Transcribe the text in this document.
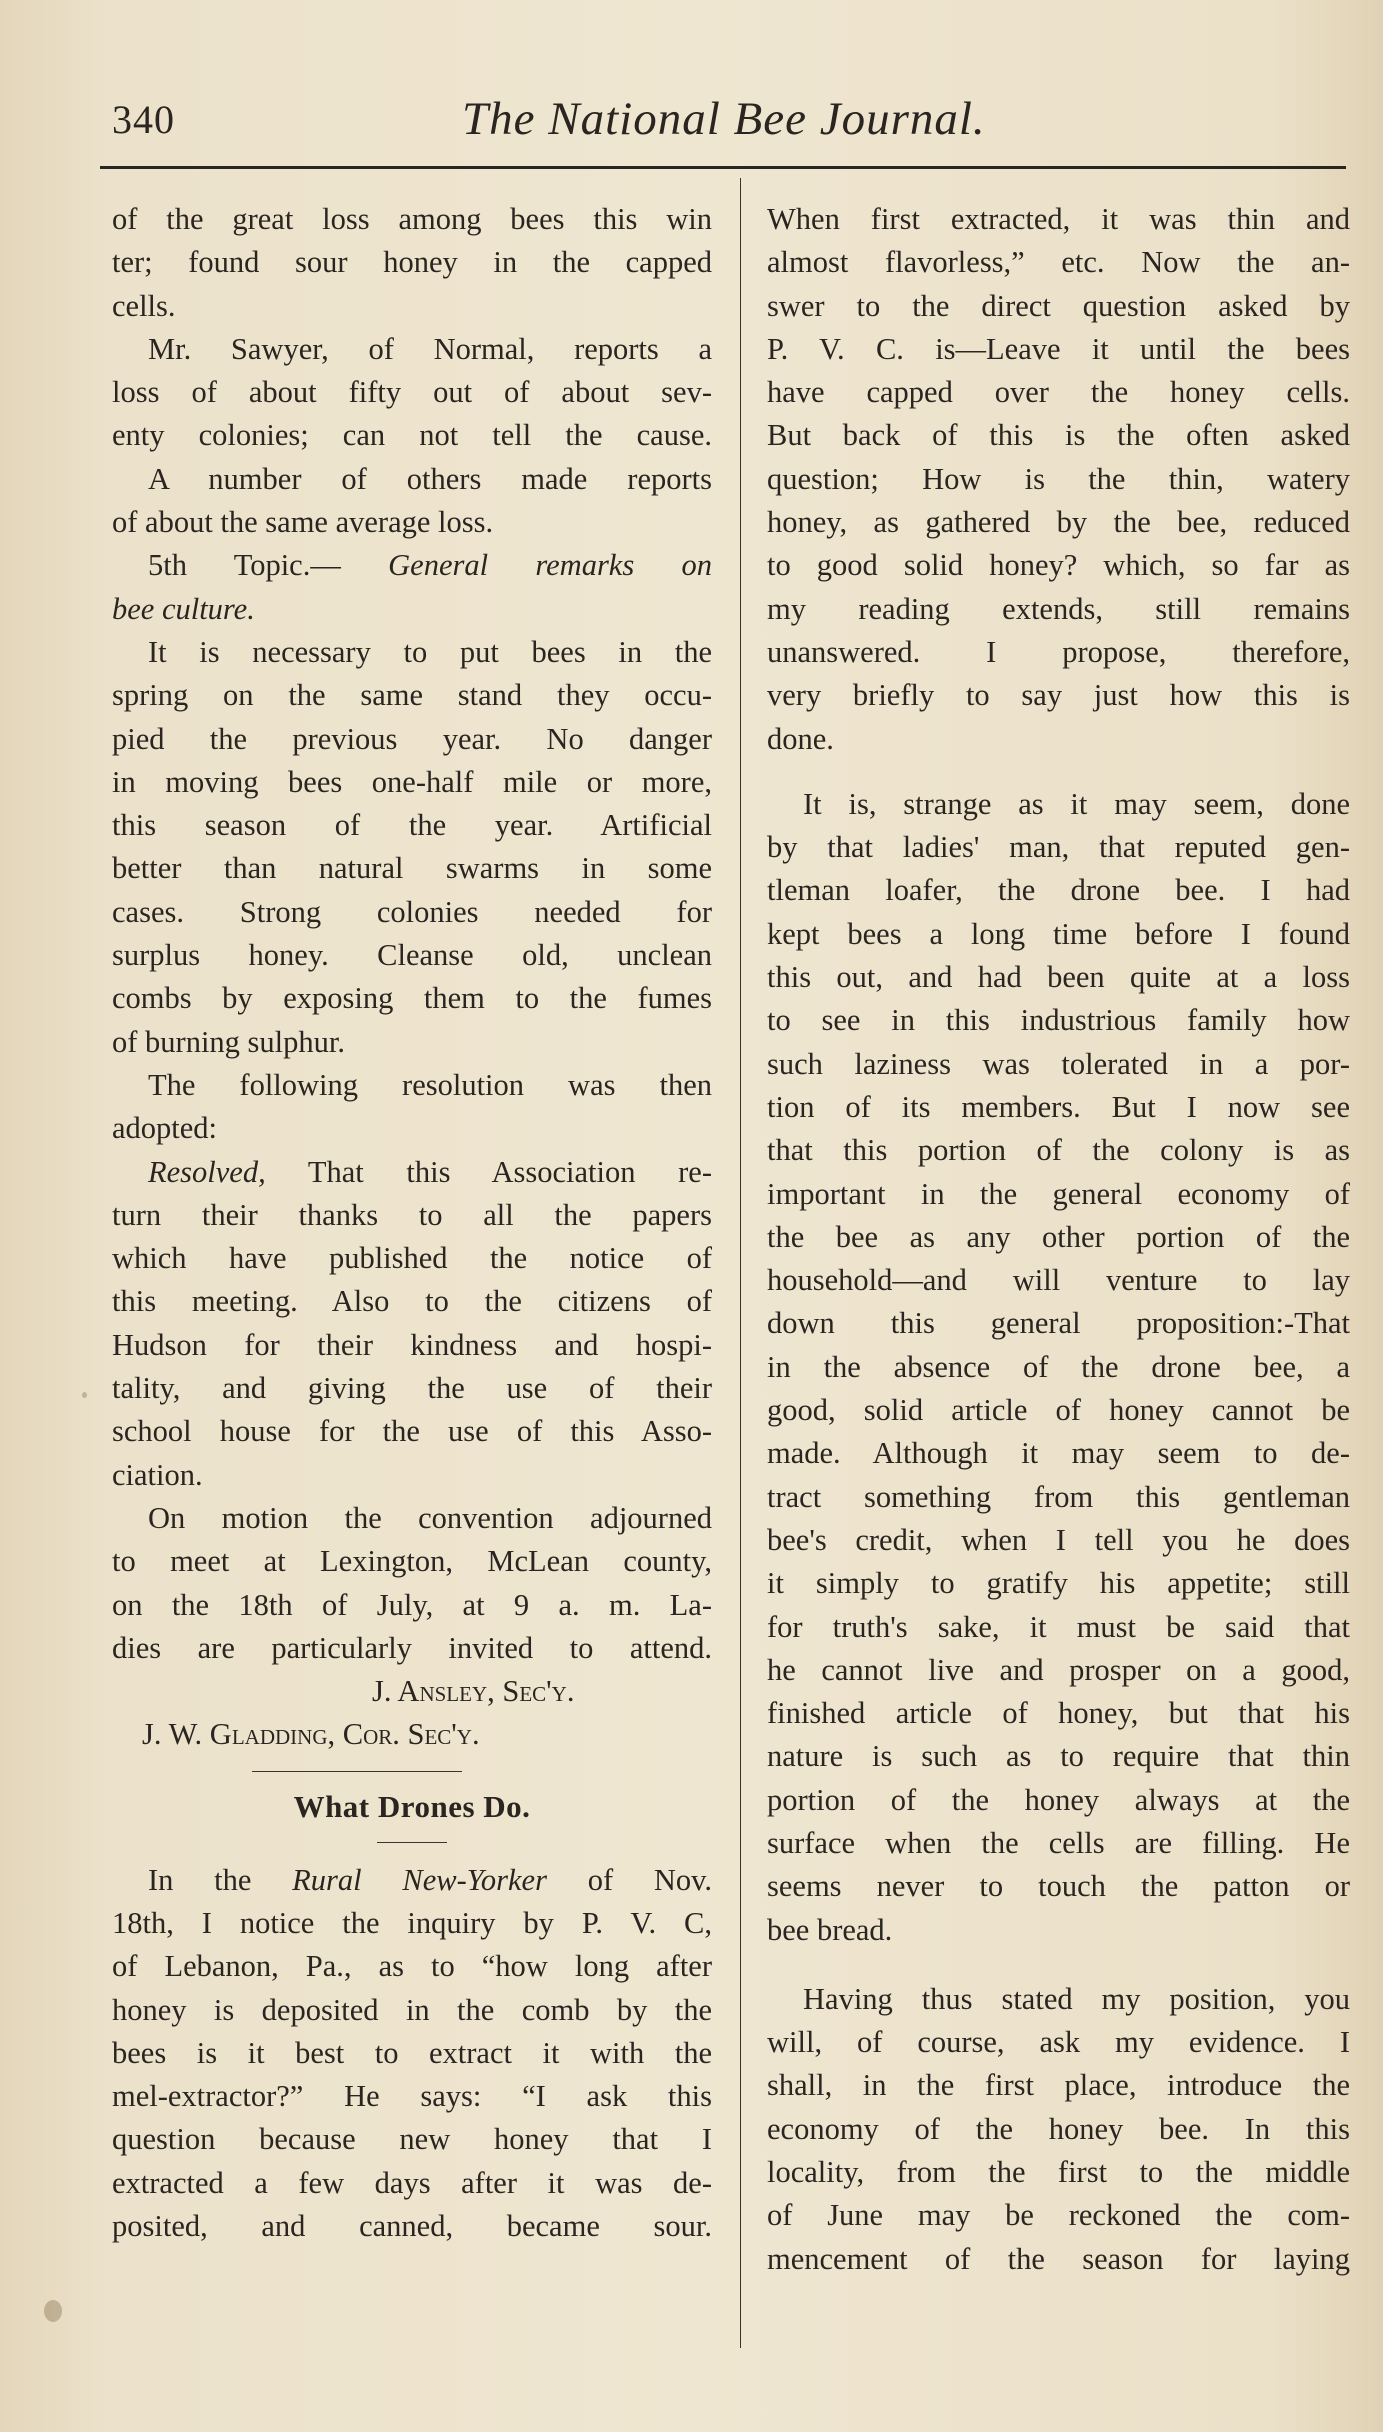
340	The National Bee Journal.
of the great loss among bees this win
ter; found sour honey in the capped
cells.
Mr. Sawyer, of Normal, reports a
loss of about fifty out of about sev-
enty colonies; can not tell the cause.
A number of others made reports
of about the same average loss.
5th Topic.— General remarks on
bee culture.
It is necessary to put bees in the
spring on the same stand they occu-
pied the previous year. No danger
in moving bees one-half mile or more,
this season of the year. Artificial
better than natural swarms in some
cases. Strong colonies needed for
surplus honey. Cleanse old, unclean
combs by exposing them to the fumes
of burning sulphur.
The following resolution was then
adopted:
Resolved, That this Association re-
turn their thanks to all the papers
which have published the notice of
this meeting. Also to the citizens of
Hudson for their kindness and hospi-
tality, and giving the use of their
school house for the use of this Asso-
ciation.
On motion the convention adjourned
to meet at Lexington, McLean county,
on the 18th of July, at 9 a. m. La-
dies are particularly invited to attend.
J. Ansley, Sec'y.
J. W. Gladding, Cor. Sec'y.
What Drones Do.
In the Rural New-Yorker of Nov.
18th, I notice the inquiry by P. V. C,
of Lebanon, Pa., as to “how long after
honey is deposited in the comb by the
bees is it best to extract it with the
mel-extractor?” He says: “I ask this
question because new honey that I
extracted a few days after it was de-
posited, and canned, became sour.
When first extracted, it was thin and
almost flavorless,” etc. Now the an-
swer to the direct question asked by
P. V. C. is—Leave it until the bees
have capped over the honey cells.
But back of this is the often asked
question; How is the thin, watery
honey, as gathered by the bee, reduced
to good solid honey? which, so far as
my reading extends, still remains
unanswered. I propose, therefore,
very briefly to say just how this is
done.
It is, strange as it may seem, done
by that ladies' man, that reputed gen-
tleman loafer, the drone bee. I had
kept bees a long time before I found
this out, and had been quite at a loss
to see in this industrious family how
such laziness was tolerated in a por-
tion of its members. But I now see
that this portion of the colony is as
important in the general economy of
the bee as any other portion of the
household—and will venture to lay
down this general proposition:-That
in the absence of the drone bee, a
good, solid article of honey cannot be
made. Although it may seem to de-
tract something from this gentleman
bee's credit, when I tell you he does
it simply to gratify his appetite; still
for truth's sake, it must be said that
he cannot live and prosper on a good,
finished article of honey, but that his
nature is such as to require that thin
portion of the honey always at the
surface when the cells are filling. He
seems never to touch the patton or
bee bread.
Having thus stated my position, you
will, of course, ask my evidence. I
shall, in the first place, introduce the
economy of the honey bee. In this
locality, from the first to the middle
of June may be reckoned the com-
mencement of the season for laying
